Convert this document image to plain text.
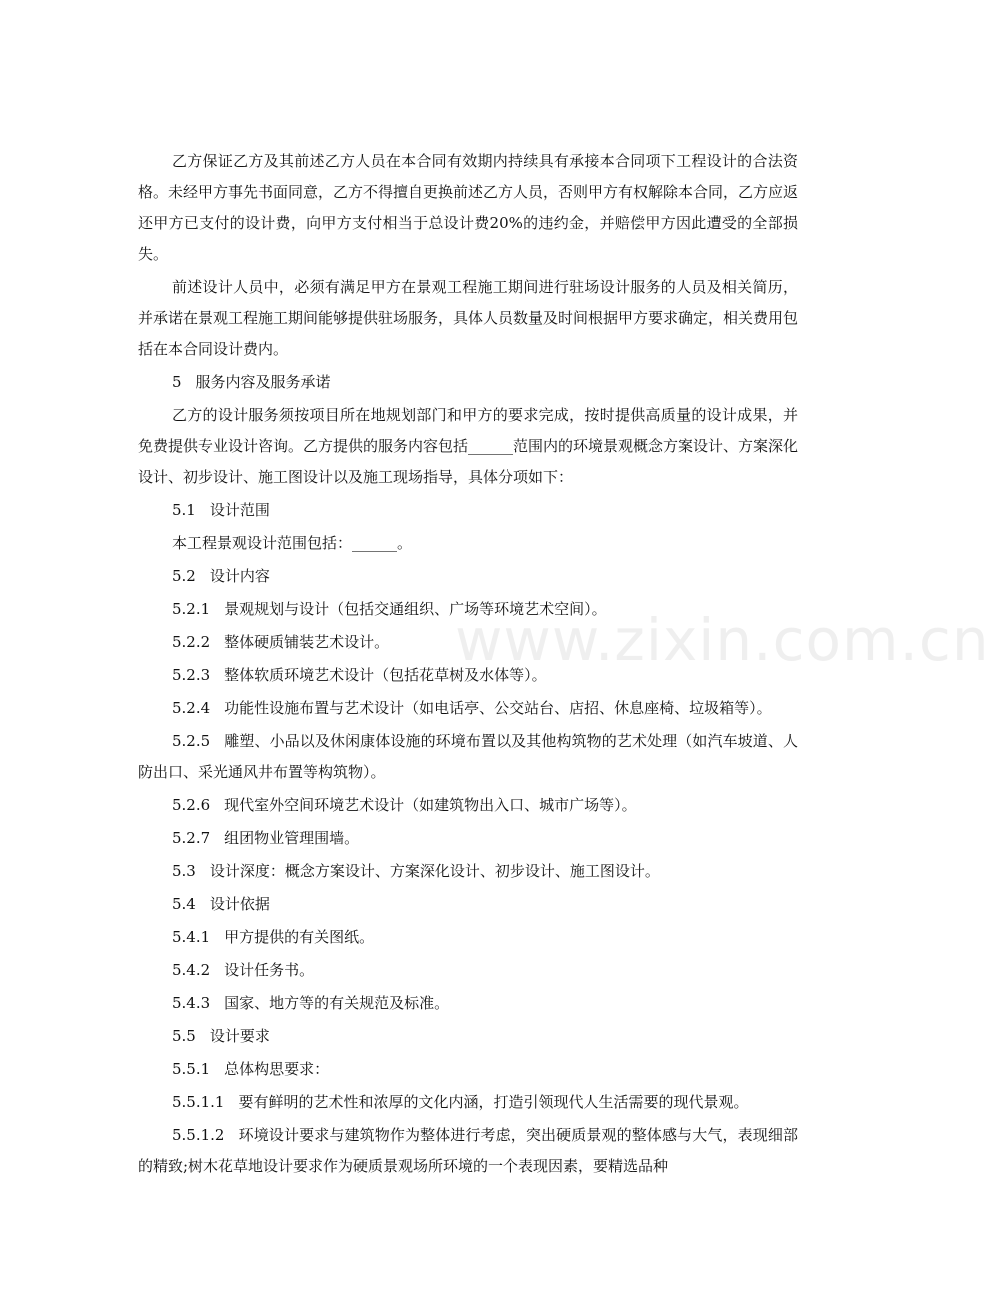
乙方保证乙方及其前述乙方人员在本合同有效期内持续具有承接本合同项下工程设计的合法资格。未经甲方事先书面同意，乙方不得擅自更换前述乙方人员，否则甲方有权解除本合同，乙方应返还甲方已支付的设计费，向甲方支付相当于总设计费20%的违约金，并赔偿甲方因此遭受的全部损失。
前述设计人员中，必须有满足甲方在景观工程施工期间进行驻场设计服务的人员及相关简历，并承诺在景观工程施工期间能够提供驻场服务，具体人员数量及时间根据甲方要求确定，相关费用包括在本合同设计费内。
5 服务内容及服务承诺
乙方的设计服务须按项目所在地规划部门和甲方的要求完成，按时提供高质量的设计成果，并免费提供专业设计咨询。乙方提供的服务内容包括______范围内的环境景观概念方案设计、方案深化设计、初步设计、施工图设计以及施工现场指导，具体分项如下：
5.1 设计范围
本工程景观设计范围包括：______。
5.2 设计内容
5.2.1 景观规划与设计（包括交通组织、广场等环境艺术空间）。
5.2.2 整体硬质铺装艺术设计。
5.2.3 整体软质环境艺术设计（包括花草树及水体等）。
5.2.4 功能性设施布置与艺术设计（如电话亭、公交站台、店招、休息座椅、垃圾箱等）。
5.2.5 雕塑、小品以及休闲康体设施的环境布置以及其他构筑物的艺术处理（如汽车坡道、人防出口、采光通风井布置等构筑物）。
5.2.6 现代室外空间环境艺术设计（如建筑物出入口、城市广场等）。
5.2.7 组团物业管理围墙。
5.3 设计深度：概念方案设计、方案深化设计、初步设计、施工图设计。
5.4 设计依据
5.4.1 甲方提供的有关图纸。
5.4.2 设计任务书。
5.4.3 国家、地方等的有关规范及标准。
5.5 设计要求
5.5.1 总体构思要求：
5.5.1.1 要有鲜明的艺术性和浓厚的文化内涵，打造引领现代人生活需要的现代景观。
5.5.1.2 环境设计要求与建筑物作为整体进行考虑，突出硬质景观的整体感与大气，表现细部的精致;树木花草地设计要求作为硬质景观场所环境的一个表现因素，要精选品种
www.zixin.com.cn
